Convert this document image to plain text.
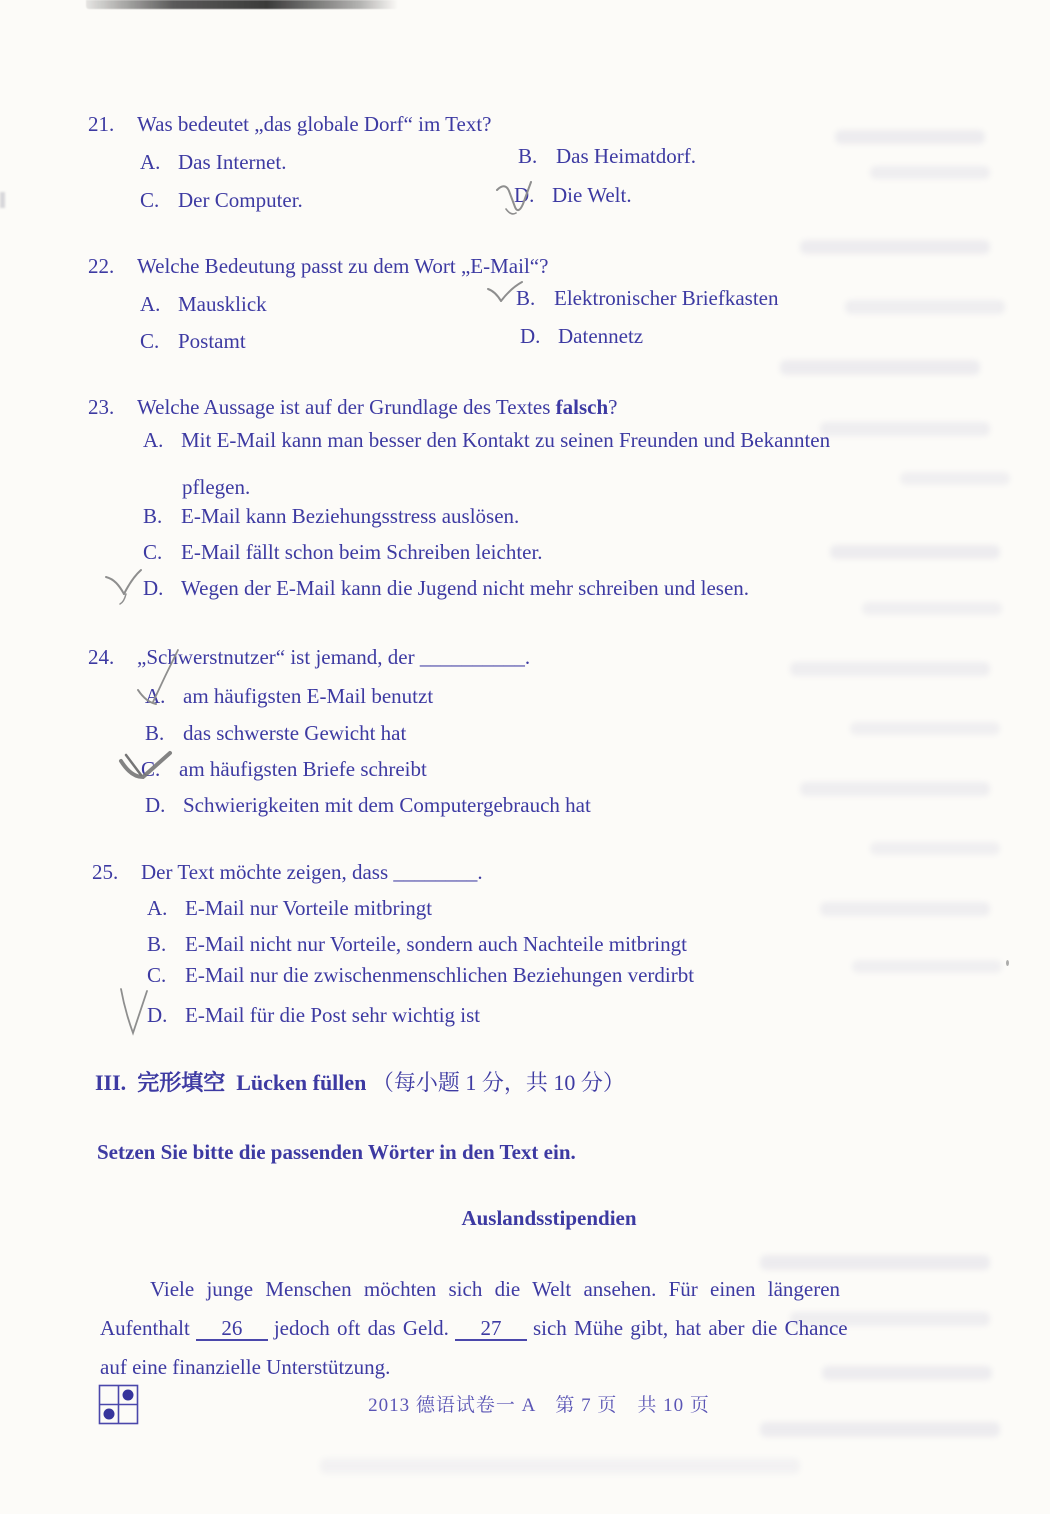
21. Was bedeutet „das globale Dorf“ im Text?
A. Das Internet.	B. Das Heimatdorf.
C. Der Computer.	D. Die Welt.
22. Welche Bedeutung passt zu dem Wort „E-Mail“?
A. Mausklick	B. Elektronischer Briefkasten
C. Postamt	D. Datennetz
23. Welche Aussage ist auf der Grundlage des Textes falsch?
A. Mit E-Mail kann man besser den Kontakt zu seinen Freunden und Bekannten
pflegen.
B. E-Mail kann Beziehungsstress auslösen.
C. E-Mail fällt schon beim Schreiben leichter.
D. Wegen der E-Mail kann die Jugend nicht mehr schreiben und lesen.
24. „Schwerstnutzer“ ist jemand, der __________.
A. am häufigsten E-Mail benutzt
B. das schwerste Gewicht hat
C. am häufigsten Briefe schreibt
D. Schwierigkeiten mit dem Computergebrauch hat
25. Der Text möchte zeigen, dass ________.
A. E-Mail nur Vorteile mitbringt
B. E-Mail nicht nur Vorteile, sondern auch Nachteile mitbringt
C. E-Mail nur die zwischenmenschlichen Beziehungen verdirbt
D. E-Mail für die Post sehr wichtig ist
III. 完形填空 Lücken füllen （每小题 1 分，共 10 分）
Setzen Sie bitte die passenden Wörter in den Text ein.
Auslandsstipendien
Viele junge Menschen möchten sich die Welt ansehen. Für einen längeren
Aufenthalt 26 jedoch oft das Geld. 27 sich Mühe gibt, hat aber die Chance
auf eine finanzielle Unterstützung.
2013 德语试卷一 A　第 7 页　共 10 页
